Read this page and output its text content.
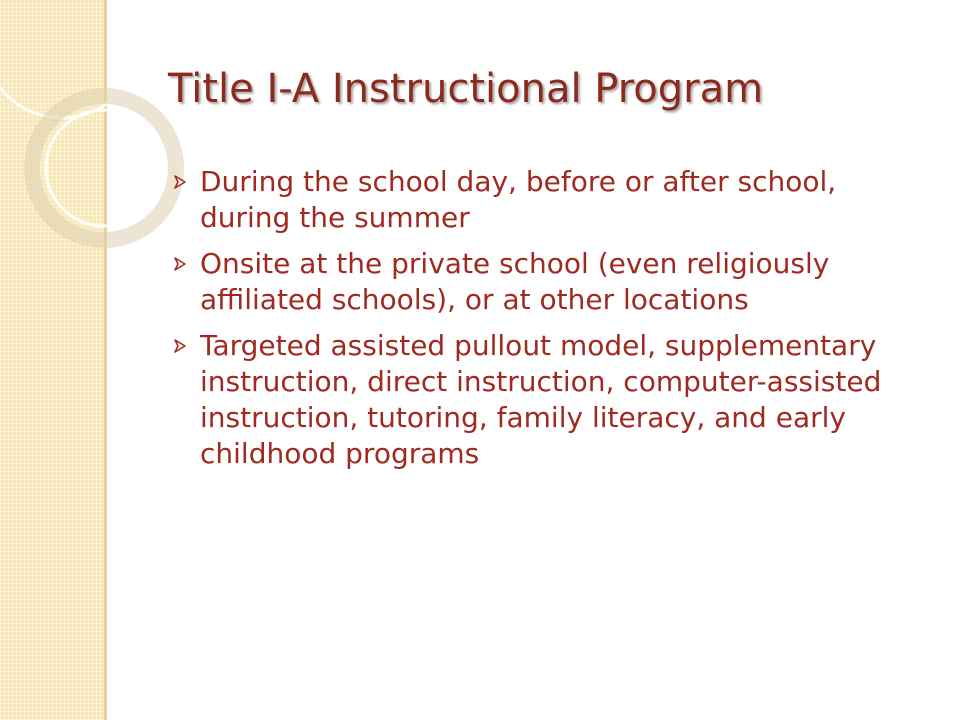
Title I-A Instructional Program
During the school day, before or after school, during the summer
Onsite at the private school (even religiously affiliated schools), or at other locations
Targeted assisted pullout model, supplementary instruction, direct instruction, computer-assisted instruction, tutoring, family literacy, and early childhood programs
